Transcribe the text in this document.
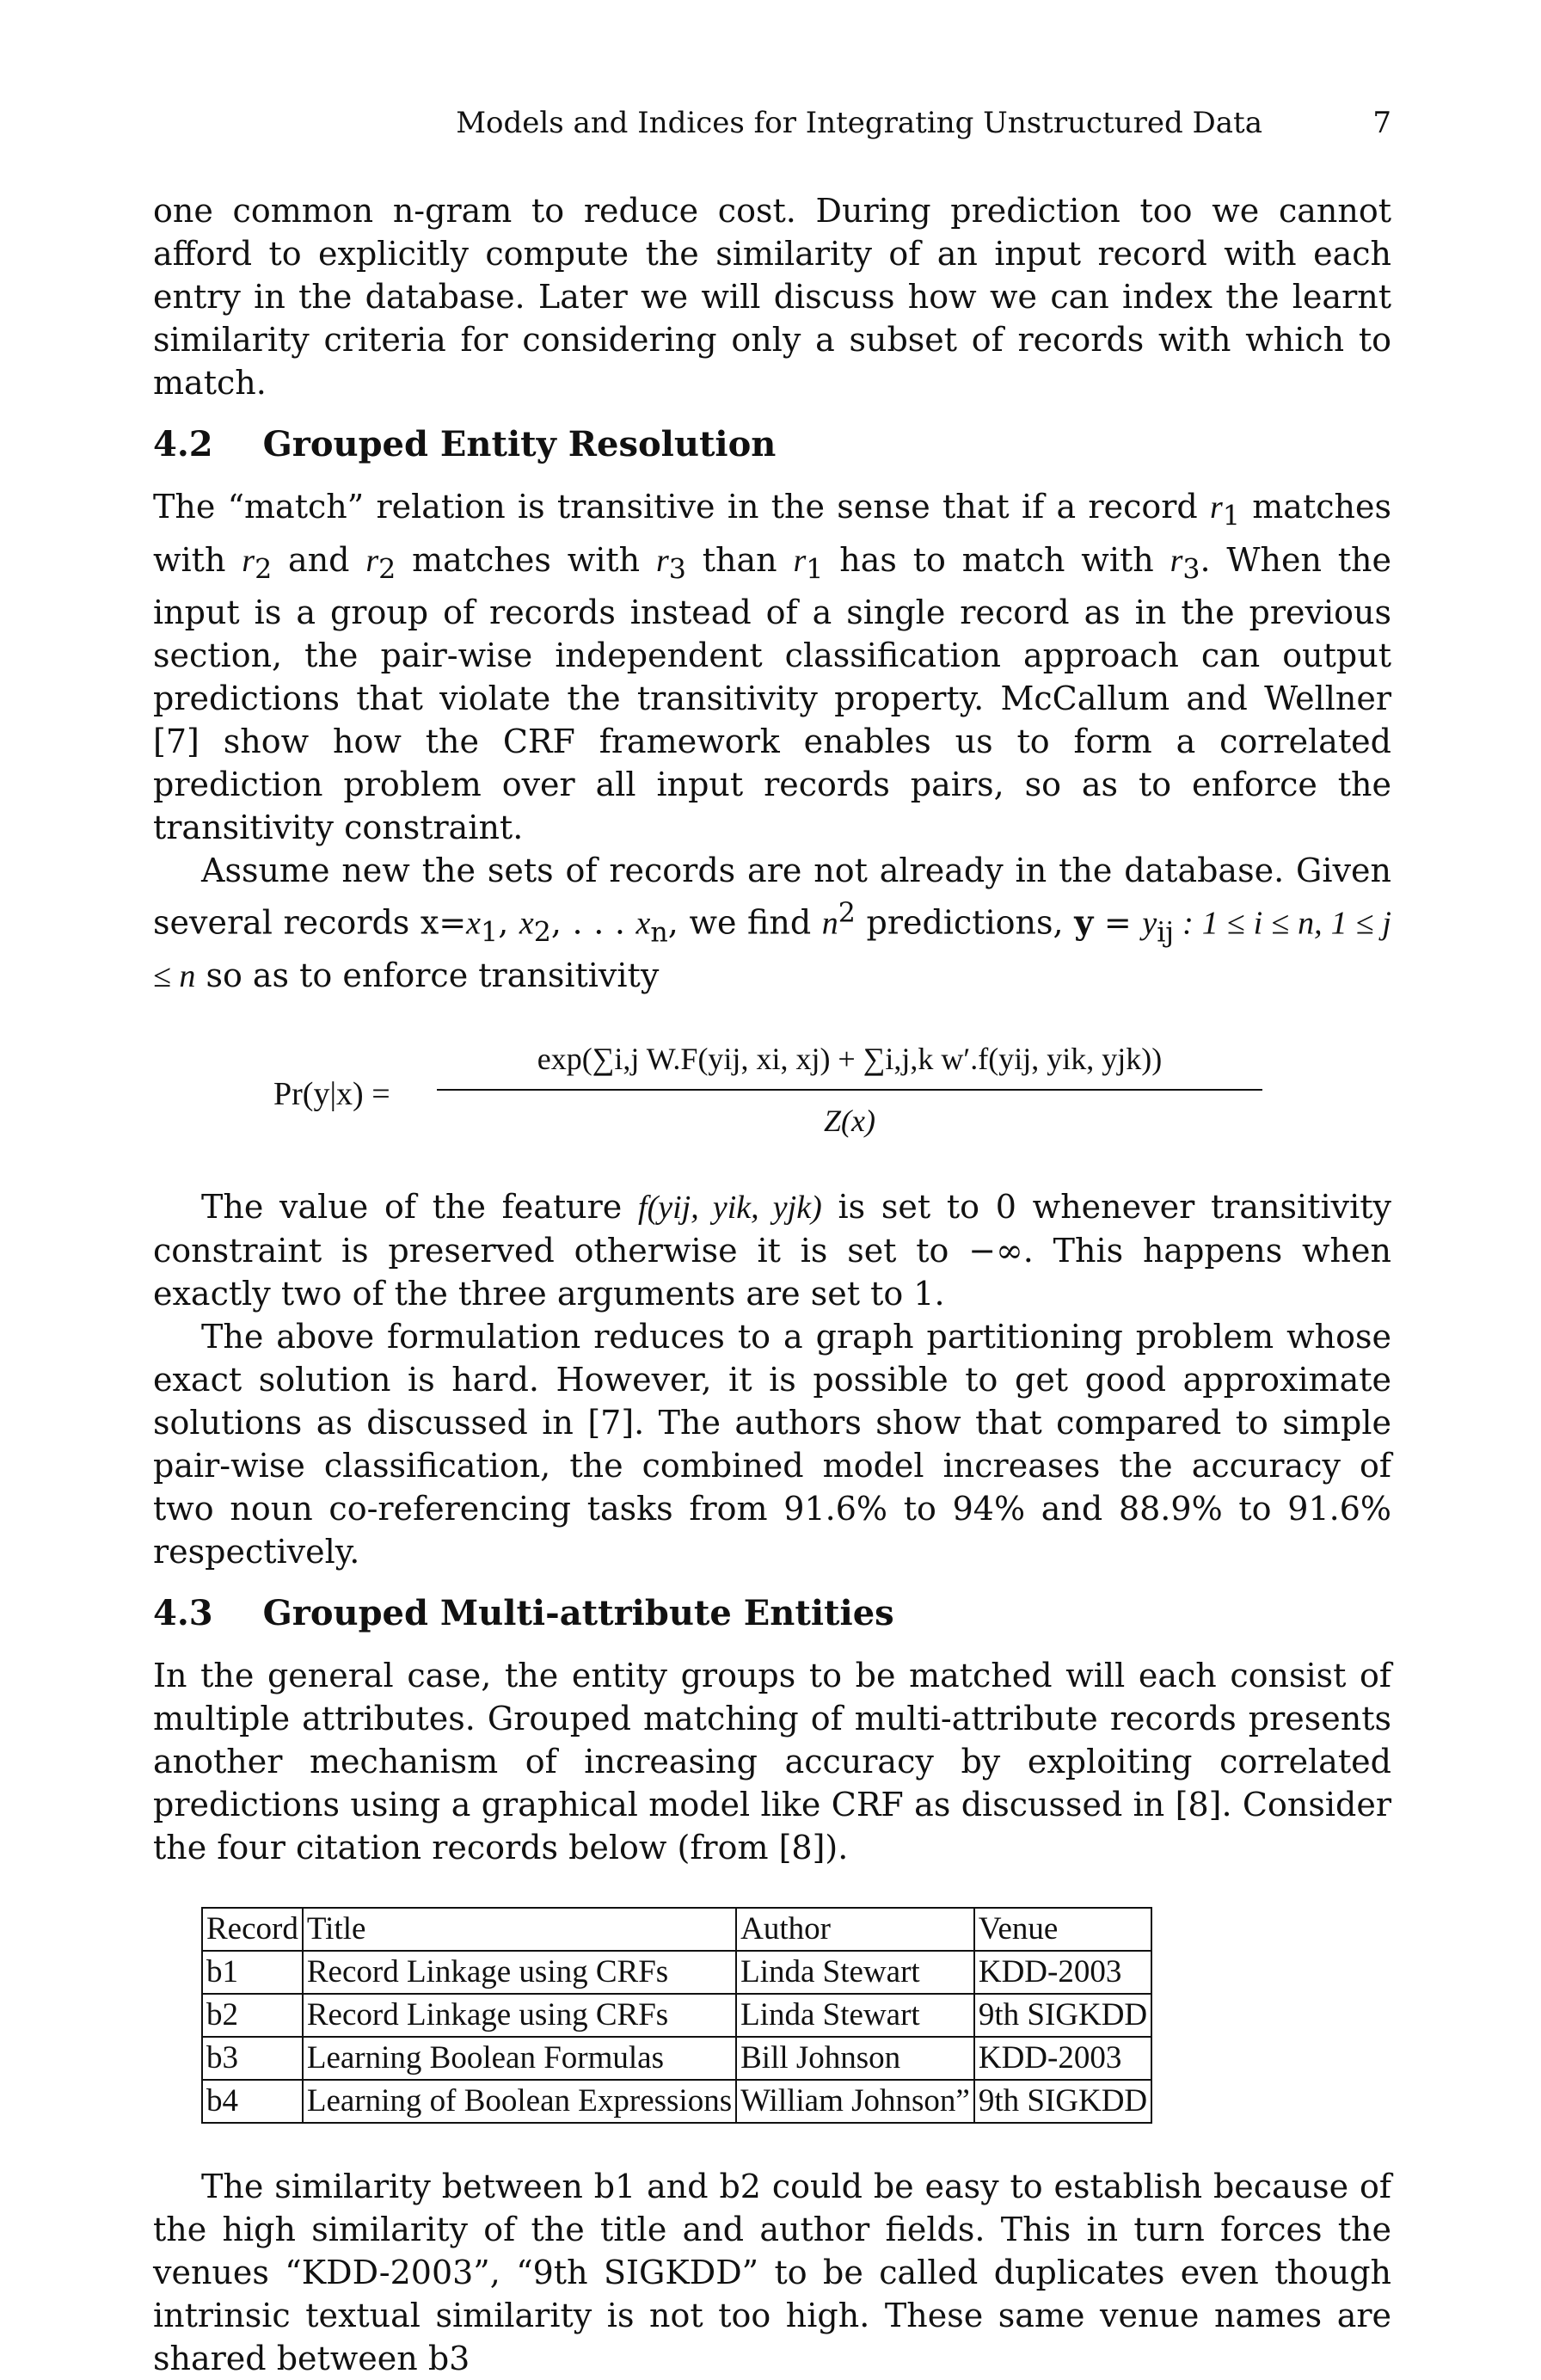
Models and Indices for Integrating Unstructured Data	7

one common n-gram to reduce cost. During prediction too we cannot afford to explicitly compute the similarity of an input record with each entry in the database. Later we will discuss how we can index the learnt similarity criteria for considering only a subset of records with which to match.

4.2 Grouped Entity Resolution

The “match” relation is transitive in the sense that if a record $r_1$ matches with $r_2$ and $r_2$ matches with $r_3$ than $r_1$ has to match with $r_3$. When the input is a group of records instead of a single record as in the previous section, the pair-wise independent classification approach can output predictions that violate the transitivity property. McCallum and Wellner [7] show how the CRF framework enables us to form a correlated prediction problem over all input records pairs, so as to enforce the transitivity constraint.

Assume new the sets of records are not already in the database. Given several records $x=x_1$, $x_2$, . . . $x_n$, we find $n^2$ predictions, $y = y_{ij}$ : 1 ≤ i ≤ n, 1 ≤ j ≤ n so as to enforce transitivity

Pr(y|x) =
exp(∑i,j W.F(yij, xi, xj) + ∑i,j,k w′.f(yij, yik, yjk))
Z(x)

The value of the feature f(yij, yik, yjk) is set to 0 whenever transitivity constraint is preserved otherwise it is set to −∞. This happens when exactly two of the three arguments are set to 1.

The above formulation reduces to a graph partitioning problem whose exact solution is hard. However, it is possible to get good approximate solutions as discussed in [7]. The authors show that compared to simple pair-wise classification, the combined model increases the accuracy of two noun co-referencing tasks from 91.6% to 94% and 88.9% to 91.6% respectively.

4.3 Grouped Multi-attribute Entities

In the general case, the entity groups to be matched will each consist of multiple attributes. Grouped matching of multi-attribute records presents another mechanism of increasing accuracy by exploiting correlated predictions using a graphical model like CRF as discussed in [8]. Consider the four citation records below (from [8]).

Record	Title	Author	Venue
b1	Record Linkage using CRFs	Linda Stewart	KDD-2003
b2	Record Linkage using CRFs	Linda Stewart	9th SIGKDD
b3	Learning Boolean Formulas	Bill Johnson	KDD-2003
b4	Learning of Boolean Expressions	William Johnson”	9th SIGKDD

The similarity between b1 and b2 could be easy to establish because of the high similarity of the title and author fields. This in turn forces the venues “KDD-2003”, “9th SIGKDD” to be called duplicates even though intrinsic textual similarity is not too high. These same venue names are shared between b3
